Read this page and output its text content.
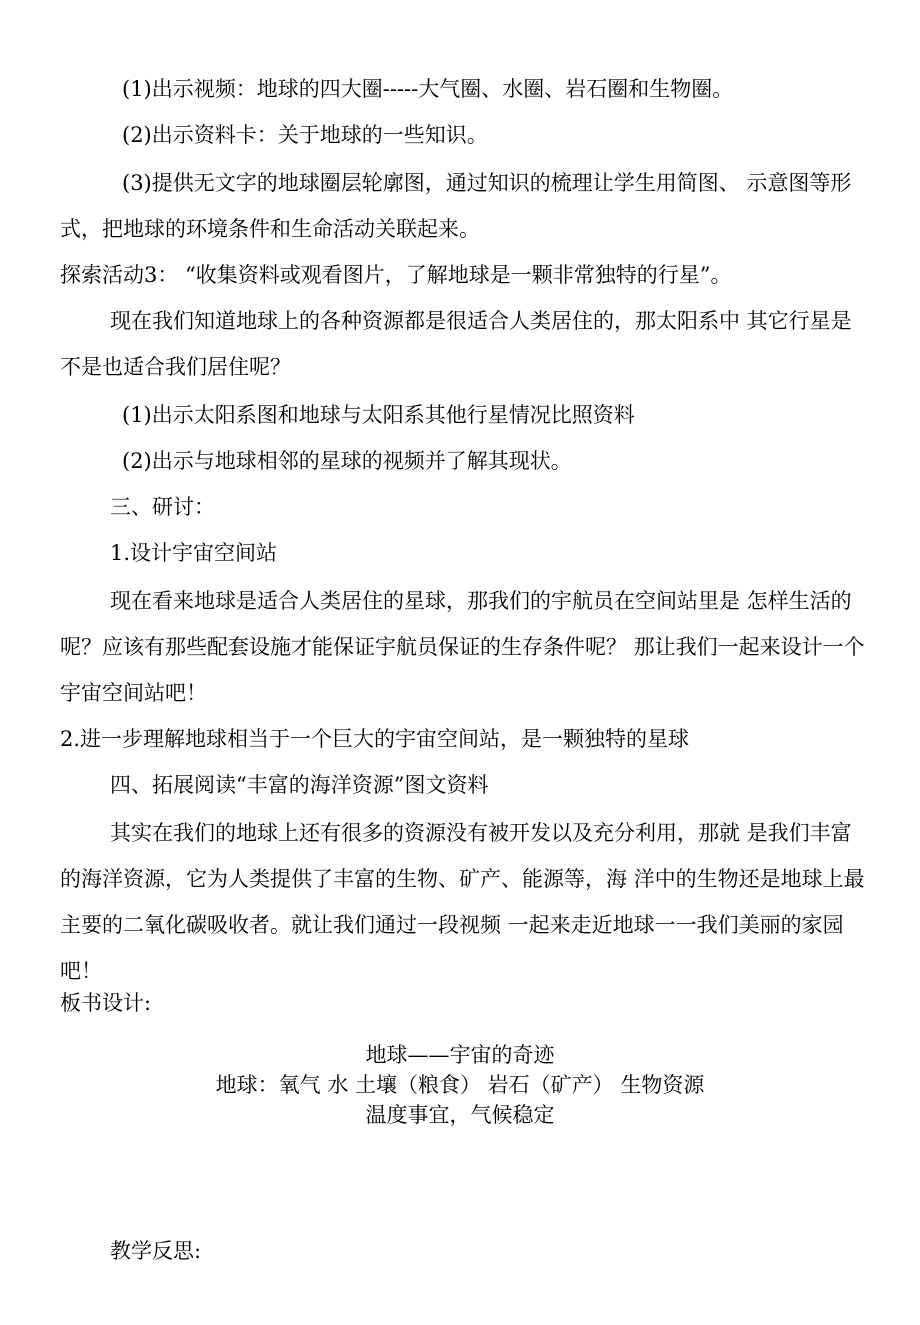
(1)出示视频：地球的四大圈-----大气圈、水圈、岩石圈和生物圈。

(2)出示资料卡：关于地球的一些知识。

(3)提供无文字的地球圈层轮廓图，通过知识的梳理让学生用简图、 示意图等形式，把地球的环境条件和生命活动关联起来。

探索活动3： “收集资料或观看图片，了解地球是一颗非常独特的行星”。

现在我们知道地球上的各种资源都是很适合人类居住的，那太阳系中 其它行星是不是也适合我们居住呢？

(1)出示太阳系图和地球与太阳系其他行星情况比照资料

(2)出示与地球相邻的星球的视频并了解其现状。

三、研讨：

1.设计宇宙空间站

现在看来地球是适合人类居住的星球，那我们的宇航员在空间站里是 怎样生活的呢？应该有那些配套设施才能保证宇航员保证的生存条件呢？ 那让我们一起来设计一个宇宙空间站吧！

2.进一步理解地球相当于一个巨大的宇宙空间站，是一颗独特的星球

四、拓展阅读“丰富的海洋资源”图文资料

其实在我们的地球上还有很多的资源没有被开发以及充分利用，那就 是我们丰富的海洋资源，它为人类提供了丰富的生物、矿产、能源等，海 洋中的生物还是地球上最主要的二氧化碳吸收者。就让我们通过一段视频 一起来走近地球一一我们美丽的家园吧！

板书设计:
地球——宇宙的奇迹
地球：氧气 水 土壤（粮食） 岩石（矿产） 生物资源
温度事宜，气候稳定
教学反思:
